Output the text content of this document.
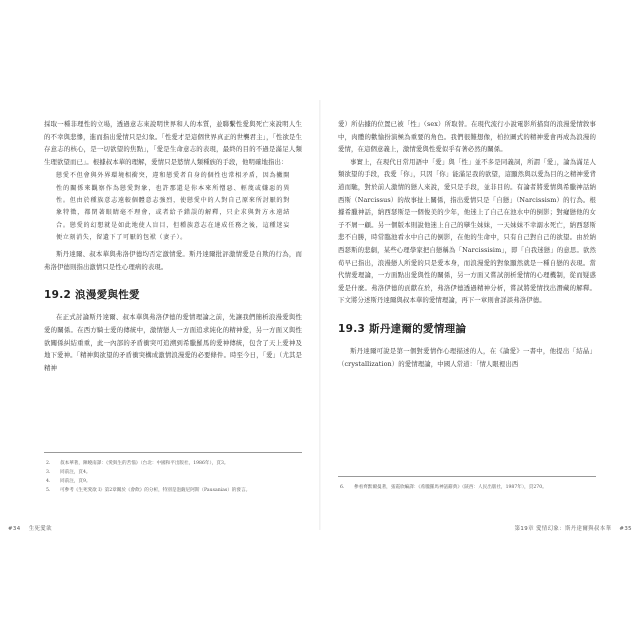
採取一種非理性的立場，透過意志來說明世界和人的本質，並聯繫性愛與死亡來說明人生的不幸與悲慘，進而指出愛情只是幻象。「性愛才是這個世界真正的世襲君主」，「性欲是生存意志的核心，是一切欲望的焦點」，「愛是生命意志的表現，最終的目的不過是滿足人類生理欲望而已」。根據叔本華的理解，愛情只是慾情人類種族的手段，他明確地指出：

戀愛不但會與外界環境相衝突，違和戀愛者自身的個性也常相矛盾，因為撇開性的關係來觀察作為戀愛對象，也許那還是你本來所憎惡、輕蔑或嫌惡的異性。但由於種族意志遠較個體意志強烈，使戀愛中的人對自己原來所討厭的對象特徵，都閉著眼睛毫不理會，或者給予錯誤的解釋，只企求與對方永遠結合。戀愛的幻想就是如此地使人盲目，但種族意志在達成任務之後，這種迷妄便立刻消失，留遺下了可厭的包袱（妻子）。

斯丹達爾、叔本華與弗洛伊德均否定激情愛。斯丹達爾批評激情愛是自欺的行為，而弗洛伊德則指出激情只是性心理病的表現。

19.2 浪漫愛與性愛

在正式討論斯丹達爾、叔本華與弗洛伊德的愛情理論之前，先讓我們簡析浪漫愛與性愛的關係。在西方騎士愛的傳統中，激情戀人一方面追求純化的精神愛，另一方面又與性欲關係糾結重重，此一內部的矛盾衝突可追溯到希臘羅馬的愛神傳統，包含了天上愛神及地下愛神。「精神與欲望的矛盾衝突構成激情浪漫愛的必要條件。時至今日，「愛」（尤其是精神

2.	叔本華著，陳曉南譯：《愛與生的苦惱》（台北：中國和平出版社，1986年），頁3。
3.	同前注，頁4。
4.	同前注，頁9。
5.	可參考《生死愛欲 I》第2章關於《會飲》的分析，特別是泡薩尼阿斯（Pausanias）的發言。
#34 生死愛欲

愛）所佔據的位置已被「性」（sex）所取替。在現代流行小說電影所描寫的浪漫愛情敘事中，肉體的歡愉扮演極為重要的角色。我們很難想像，柏拉圖式的精神愛會再成為浪漫的愛情，在這個意義上，激情愛與性愛似乎有著必然的關係。

事實上，在現代日常用語中「愛」與「性」並不多是同義詞，所謂「愛」，論為滿足人類欲望的手段，我愛「你」，只因「你」能滿足我的欲望，這顯然與以愛為目的之精神愛背道而馳，對於前人激情的戀人來說，愛只是手段，並非目的。有論者將愛情與希臘神話納西斯（Narcissus）的故事扯上關係，指出愛情只是「自戀」（Narcissism）的行為。根據希臘神話，納西瑟斯是一個俊美的少年，他迷上了自己在池水中的倒影；對癡戀他的女子不屑一顧。另一個版本則說他迷上自己的孿生妹妹，一天妹妹不幸溺水死亡，納西瑟斯悲不自勝，時常臨池看水中自己的倒影，在他的生命中，只有自己對自己的欲望。由於納西瑟斯的悲劇，某些心理學家把自戀稱為「Narcissisim」，即「自我迷戀」的意思。欲然荀早已指出，浪漫戀人所愛的只是愛本身，而浪漫愛的對象顯然就是一種自戀的表現。當代情愛理論，一方面點出愛與性的關係，另一方面又嘗試剖析愛情的心理機制，從而疑惑愛是什麼。弗洛伊德的貢獻在於，弗洛伊德透過精神分析，嘗試將愛情找出潛藏的解釋。下文將分述斯丹達爾與叔本華的愛情理論，再下一章則會詳談弗洛伊德。

19.3 斯丹達爾的愛情理論

斯丹達爾可說是第一個對愛情作心理描述的人，在《論愛》一書中，他提出「結晶」（crystallization）的愛情理論，中國人常道：「情人眼裡出西

6.	參看齊默爾曼著，張霞欣編譯：《希臘羅馬神話辭典》（陝西：人民出版社，1987年），頁270。
第19章 愛情幻象：斯丹達爾與叔本華 #35
